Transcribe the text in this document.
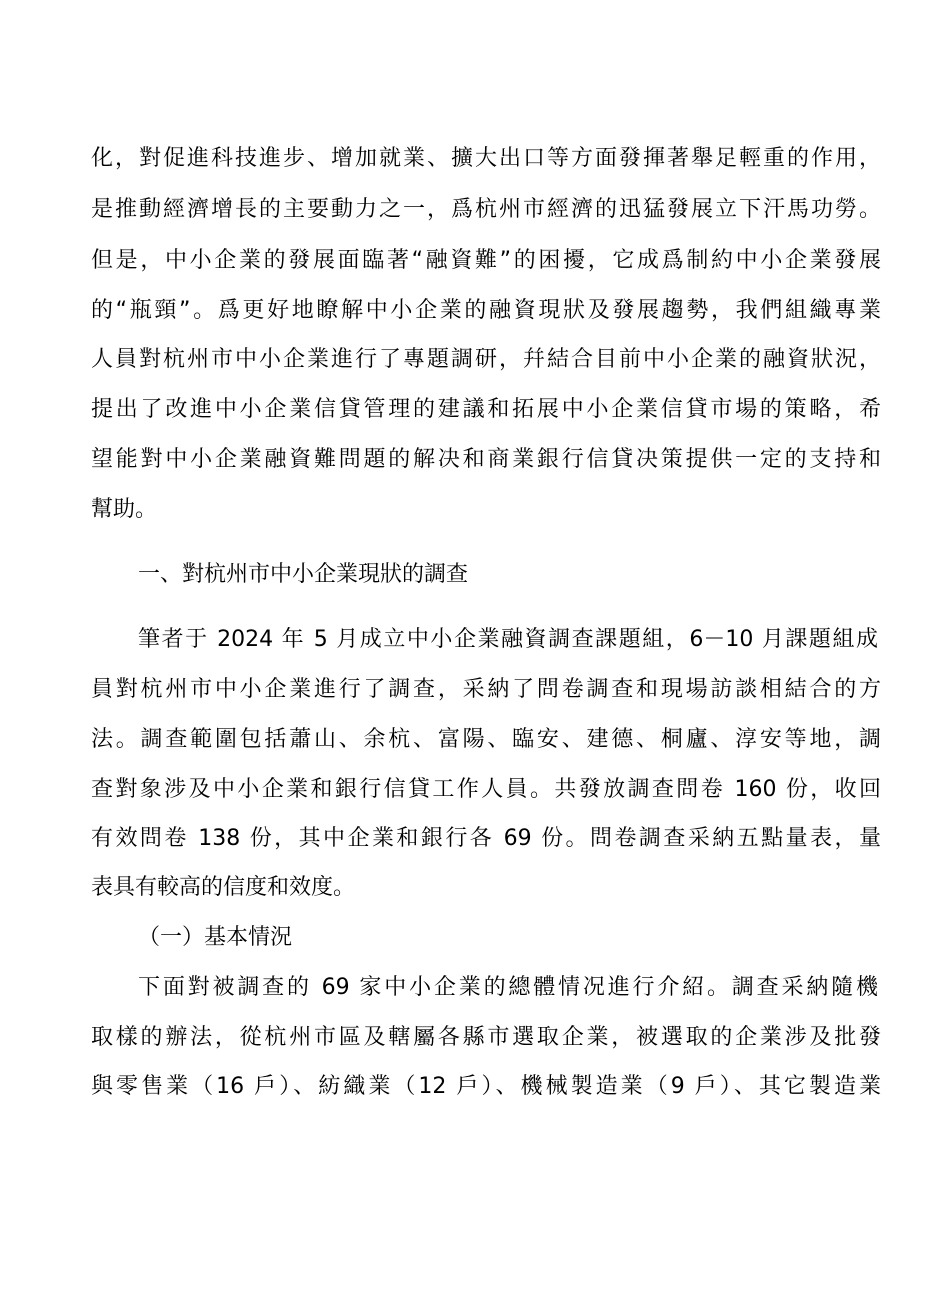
化，對促進科技進步、增加就業、擴大出口等方面發揮著舉足輕重的作用，
是推動經濟增長的主要動力之一，爲杭州市經濟的迅猛發展立下汗馬功勞。
但是，中小企業的發展面臨著“融資難”的困擾，它成爲制約中小企業發展
的“瓶頸”。爲更好地瞭解中小企業的融資現狀及發展趨勢，我們組織專業
人員對杭州市中小企業進行了專題調研，幷結合目前中小企業的融資狀況，
提出了改進中小企業信貸管理的建議和拓展中小企業信貸市場的策略，希
望能對中小企業融資難問題的解决和商業銀行信貸决策提供一定的支持和
幫助。
一、對杭州市中小企業現狀的調查
筆者于 2024 年 5 月成立中小企業融資調查課題組，6－10 月課題組成
員對杭州市中小企業進行了調查，采納了問卷調查和現場訪談相結合的方
法。調查範圍包括蕭山、余杭、富陽、臨安、建德、桐廬、淳安等地，調
查對象涉及中小企業和銀行信貸工作人員。共發放調查問卷 160 份，收回
有效問卷 138 份，其中企業和銀行各 69 份。問卷調查采納五點量表，量
表具有較高的信度和效度。
（一）基本情況
下面對被調查的 69 家中小企業的總體情况進行介紹。調查采納隨機
取樣的辦法，從杭州市區及轄屬各縣市選取企業，被選取的企業涉及批發
與零售業（16 戶）、紡織業（12 戶）、機械製造業（9 戶）、其它製造業
